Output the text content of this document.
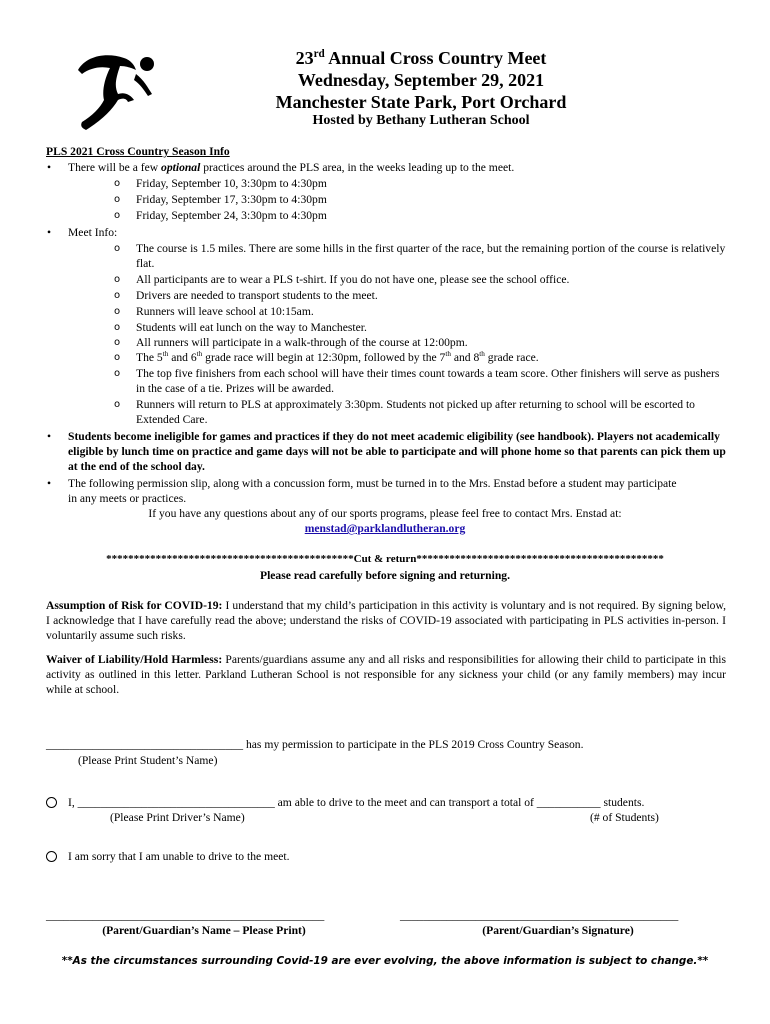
23rd Annual Cross Country Meet
Wednesday, September 29, 2021
Manchester State Park, Port Orchard
Hosted by Bethany Lutheran School
PLS 2021 Cross Country Season Info
•	There will be a few optional practices around the PLS area, in the weeks leading up to the meet.
o	Friday, September 10, 3:30pm to 4:30pm
o	Friday, September 17, 3:30pm to 4:30pm
o	Friday, September 24, 3:30pm to 4:30pm
•	Meet Info:
o	The course is 1.5 miles. There are some hills in the first quarter of the race, but the remaining portion of the course is relatively flat.
o	All participants are to wear a PLS t-shirt. If you do not have one, please see the school office.
o	Drivers are needed to transport students to the meet.
o	Runners will leave school at 10:15am.
o	Students will eat lunch on the way to Manchester.
o	All runners will participate in a walk-through of the course at 12:00pm.
o	The 5th and 6th grade race will begin at 12:30pm, followed by the 7th and 8th grade race.
o	The top five finishers from each school will have their times count towards a team score. Other finishers will serve as pushers in the case of a tie. Prizes will be awarded.
o	Runners will return to PLS at approximately 3:30pm. Students not picked up after returning to school will be escorted to Extended Care.
•	Students become ineligible for games and practices if they do not meet academic eligibility (see handbook). Players not academically eligible by lunch time on practice and game days will not be able to participate and will phone home so that parents can pick them up at the end of the school day.
•	The following permission slip, along with a concussion form, must be turned in to the Mrs. Enstad before a student may participate in any meets or practices.
If you have any questions about any of our sports programs, please feel free to contact Mrs. Enstad at:
menstad@parklandlutheran.org
*********************************************Cut & return*********************************************
Please read carefully before signing and returning.
Assumption of Risk for COVID-19: I understand that my child’s participation in this activity is voluntary and is not required. By signing below, I acknowledge that I have carefully read the above; understand the risks of COVID-19 associated with participating in PLS activities in-person. I voluntarily assume such risks.
Waiver of Liability/Hold Harmless: Parents/guardians assume any and all risks and responsibilities for allowing their child to participate in this activity as outlined in this letter. Parkland Lutheran School is not responsible for any sickness your child (or any family members) may incur while at school.
__________________________________ has my permission to participate in the PLS 2019 Cross Country Season.
(Please Print Student’s Name)
I, __________________________________ am able to drive to the meet and can transport a total of ___________ students.
(Please Print Driver’s Name)	(# of Students)
I am sorry that I am unable to drive to the meet.
________________________________________________	________________________________________________
(Parent/Guardian’s Name – Please Print)	(Parent/Guardian’s Signature)
**As the circumstances surrounding Covid-19 are ever evolving, the above information is subject to change.**
